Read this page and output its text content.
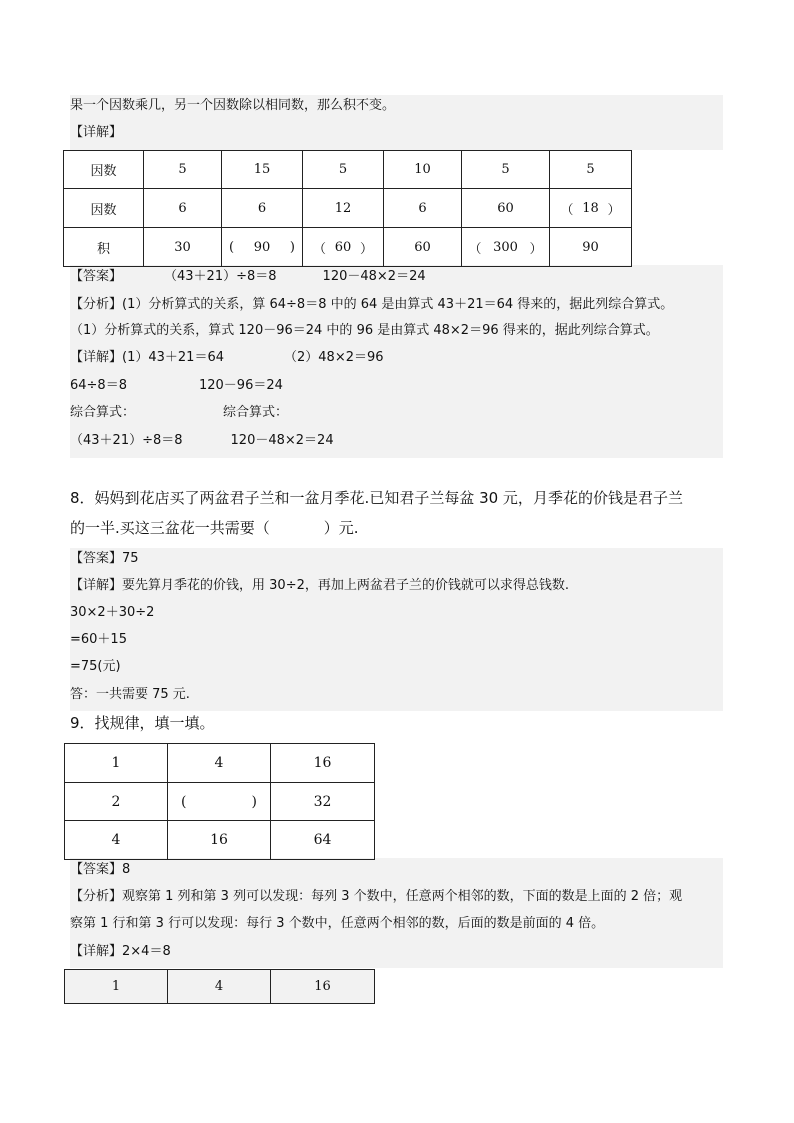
果一个因数乘几，另一个因数除以相同数，那么积不变。
【详解】
因数	5	15	5	10	5	5
因数	6	6	12	6	60	（ 18 ）

积	30	( 90 )	（ 60 ）	60	（ 300 ）	90
【答案】	（43＋21）÷8＝8	120－48×2＝24
【分析】(1）分析算式的关系，算 64÷8＝8 中的 64 是由算式 43＋21＝64 得来的，据此列综合算式。
（1）分析算式的关系，算式 120－96＝24 中的 96 是由算式 48×2＝96 得来的，据此列综合算式。
【详解】(1）43＋21＝64	（2）48×2＝96
64÷8＝8	120－96＝24
综合算式：	综合算式：
（43＋21）÷8＝8	120－48×2＝24
8．妈妈到花店买了两盆君子兰和一盆月季花.已知君子兰每盆 30 元，月季花的价钱是君子兰
的一半.买这三盆花一共需要（	）元.
【答案】75
【详解】要先算月季花的价钱，用 30÷2，再加上两盆君子兰的价钱就可以求得总钱数.
30×2＋30÷2
=60＋15
=75(元)
答：一共需要 75 元.
9．找规律，填一填。
1	4	16
2	( )	32
4	16	64
【答案】8
【分析】观察第 1 列和第 3 列可以发现：每列 3 个数中，任意两个相邻的数，下面的数是上面的 2 倍；观
察第 1 行和第 3 行可以发现：每行 3 个数中，任意两个相邻的数，后面的数是前面的 4 倍。
【详解】2×4＝8
1	4	16
